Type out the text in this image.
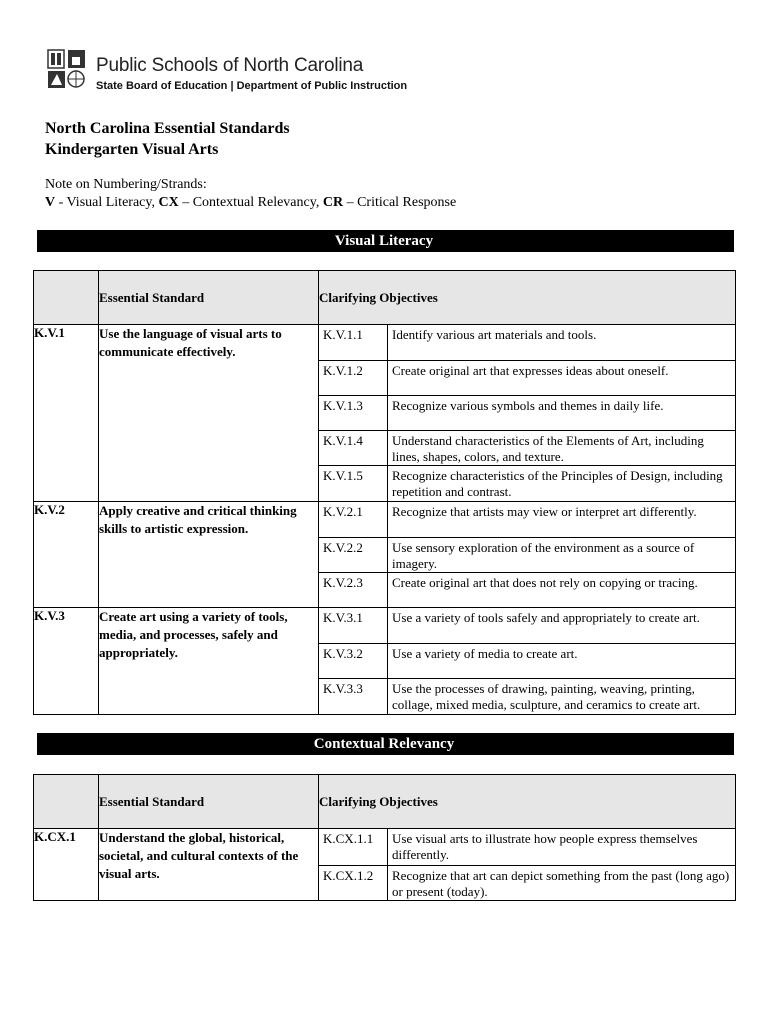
Public Schools of North Carolina
State Board of Education | Department of Public Instruction
North Carolina Essential Standards
Kindergarten Visual Arts
Note on Numbering/Strands:
V - Visual Literacy, CX – Contextual Relevancy, CR – Critical Response
Visual Literacy
	Essential Standard	Clarifying Objectives
K.V.1	Use the language of visual arts to communicate effectively.	
K.V.1.1	Identify various art materials and tools.
K.V.1.2	Create original art that expresses ideas about oneself.
K.V.1.3	Recognize various symbols and themes in daily life.
K.V.1.4	Understand characteristics of the Elements of Art, including lines, shapes, colors, and texture.
K.V.1.5	Recognize characteristics of the Principles of Design, including repetition and contrast.

K.V.2	Apply creative and critical thinking skills to artistic expression.	
K.V.2.1	Recognize that artists may view or interpret art differently.
K.V.2.2	Use sensory exploration of the environment as a source of imagery.
K.V.2.3	Create original art that does not rely on copying or tracing.

K.V.3	Create art using a variety of tools, media, and processes, safely and appropriately.	
K.V.3.1	Use a variety of tools safely and appropriately to create art.
K.V.3.2	Use a variety of media to create art.
K.V.3.3	Use the processes of drawing, painting, weaving, printing, collage, mixed media, sculpture, and ceramics to create art.
Contextual Relevancy
	Essential Standard	Clarifying Objectives
K.CX.1	Understand the global, historical, societal, and cultural contexts of the visual arts.	
K.CX.1.1	Use visual arts to illustrate how people express themselves differently.
K.CX.1.2	Recognize that art can depict something from the past (long ago) or present (today).
